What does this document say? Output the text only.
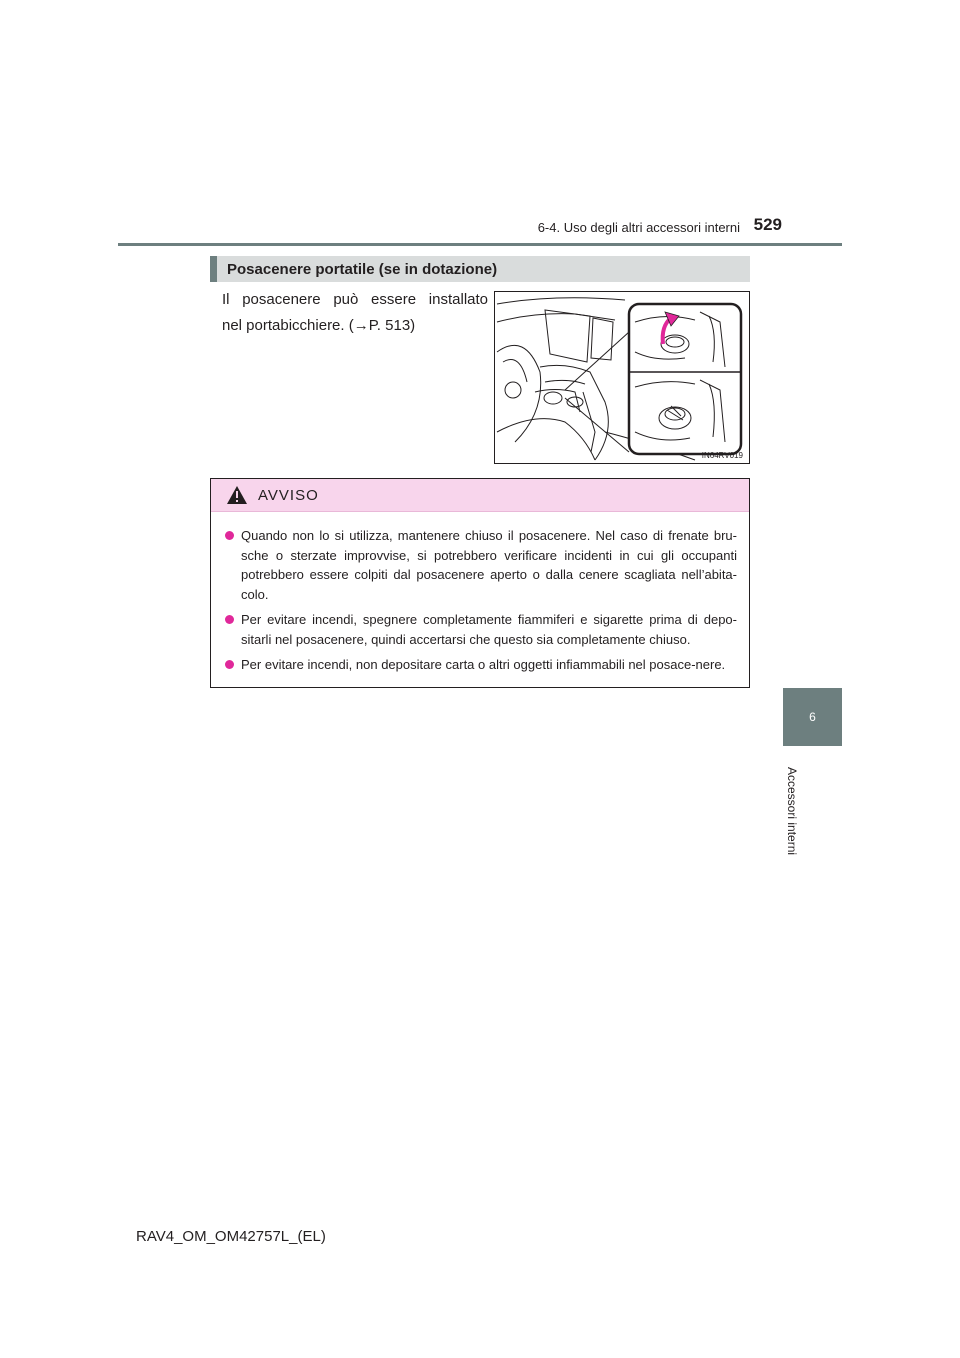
6-4. Uso degli altri accessori interni 529
Posacenere portatile (se in dotazione)
Il posacenere può essere installato
nel portabicchiere. (→P. 513)
IN64RV019
AVVISO
Quando non lo si utilizza, mantenere chiuso il posacenere. Nel caso di frenate bru-sche o sterzate improvvise, si potrebbero verificare incidenti in cui gli occupanti potrebbero essere colpiti dal posacenere aperto o dalla cenere scagliata nell’abita-colo.
Per evitare incendi, spegnere completamente fiammiferi e sigarette prima di depo-sitarli nel posacenere, quindi accertarsi che questo sia completamente chiuso.
Per evitare incendi, non depositare carta o altri oggetti infiammabili nel posace-nere.
6
Accessori interni
RAV4_OM_OM42757L_(EL)
